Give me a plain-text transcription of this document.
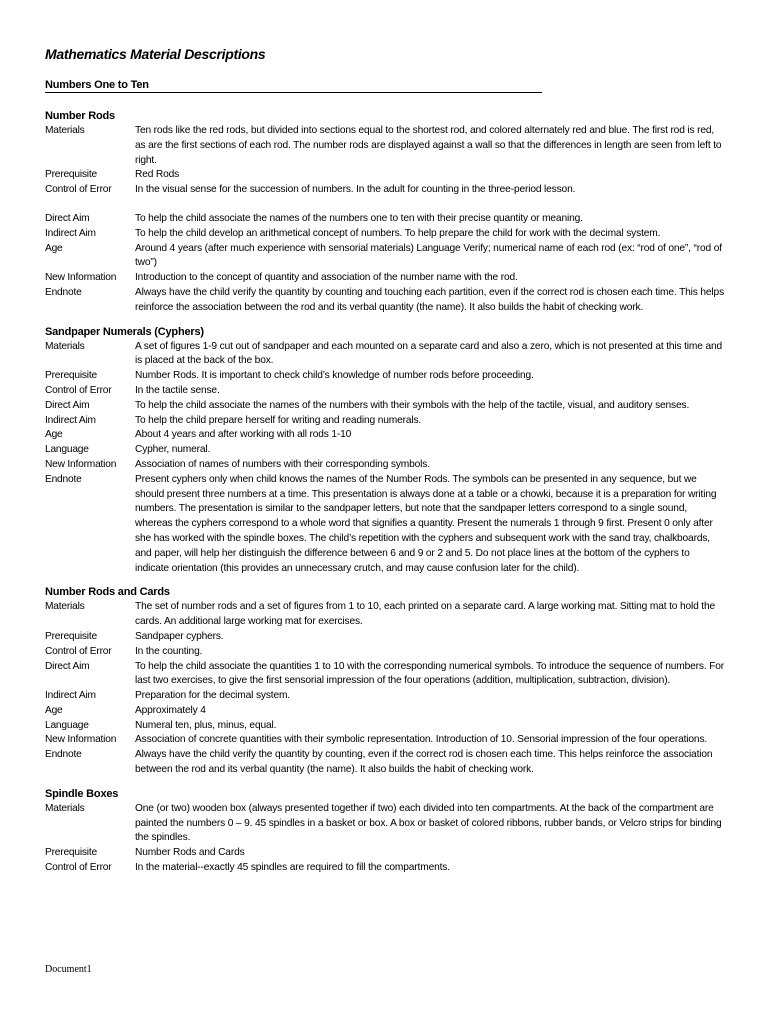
Mathematics Material Descriptions
Numbers One to Ten
Number Rods
Materials	Ten rods like the red rods, but divided into sections equal to the shortest rod, and colored alternately red and blue. The first rod is red, as are the first sections of each rod. The number rods are displayed against a wall so that the differences in length are seen from left to right.
Prerequisite	Red Rods
Control of Error	In the visual sense for the succession of numbers. In the adult for counting in the three-period lesson.
Direct Aim	To help the child associate the names of the numbers one to ten with their precise quantity or meaning.
Indirect Aim	To help the child develop an arithmetical concept of numbers. To help prepare the child for work with the decimal system.
Age	Around 4 years (after much experience with sensorial materials) Language Verify; numerical name of each rod (ex: “rod of one”, “rod of two”)
New Information	Introduction to the concept of quantity and association of the number name with the rod.
Endnote	Always have the child verify the quantity by counting and touching each partition, even if the correct rod is chosen each time. This helps reinforce the association between the rod and its verbal quantity (the name). It also builds the habit of checking work.
Sandpaper Numerals (Cyphers)
Materials	A set of figures 1-9 cut out of sandpaper and each mounted on a separate card and also a zero, which is not presented at this time and is placed at the back of the box.
Prerequisite	Number Rods. It is important to check child’s knowledge of number rods before proceeding.
Control of Error	In the tactile sense.
Direct Aim	To help the child associate the names of the numbers with their symbols with the help of the tactile, visual, and auditory senses.
Indirect Aim	To help the child prepare herself for writing and reading numerals.
Age	About 4 years and after working with all rods 1-10
Language	Cypher, numeral.
New Information	Association of names of numbers with their corresponding symbols.
Endnote	Present cyphers only when child knows the names of the Number Rods. The symbols can be presented in any sequence, but we should present three numbers at a time. This presentation is always done at a table or a chowki, because it is a preparation for writing numbers. The presentation is similar to the sandpaper letters, but note that the sandpaper letters correspond to a single sound, whereas the cyphers correspond to a whole word that signifies a quantity. Present the numerals 1 through 9 first. Present 0 only after she has worked with the spindle boxes. The child’s repetition with the cyphers and subsequent work with the sand tray, chalkboards, and paper, will help her distinguish the difference between 6 and 9 or 2 and 5. Do not place lines at the bottom of the cyphers to indicate orientation (this provides an unnecessary crutch, and may cause confusion later for the child).
Number Rods and Cards
Materials	The set of number rods and a set of figures from 1 to 10, each printed on a separate card. A large working mat. Sitting mat to hold the cards. An additional large working mat for exercises.
Prerequisite	Sandpaper cyphers.
Control of Error	In the counting.
Direct Aim	To help the child associate the quantities 1 to 10 with the corresponding numerical symbols. To introduce the sequence of numbers. For last two exercises, to give the first sensorial impression of the four operations (addition, multiplication, subtraction, division).
Indirect Aim	Preparation for the decimal system.
Age	Approximately 4
Language	Numeral ten, plus, minus, equal.
New Information	Association of concrete quantities with their symbolic representation. Introduction of 10. Sensorial impression of the four operations.
Endnote	Always have the child verify the quantity by counting, even if the correct rod is chosen each time. This helps reinforce the association between the rod and its verbal quantity (the name). It also builds the habit of checking work.
Spindle Boxes
Materials	One (or two) wooden box (always presented together if two) each divided into ten compartments. At the back of the compartment are painted the numbers 0 – 9. 45 spindles in a basket or box. A box or basket of colored ribbons, rubber bands, or Velcro strips for binding the spindles.
Prerequisite	Number Rods and Cards
Control of Error	In the material--exactly 45 spindles are required to fill the compartments.
Document1
